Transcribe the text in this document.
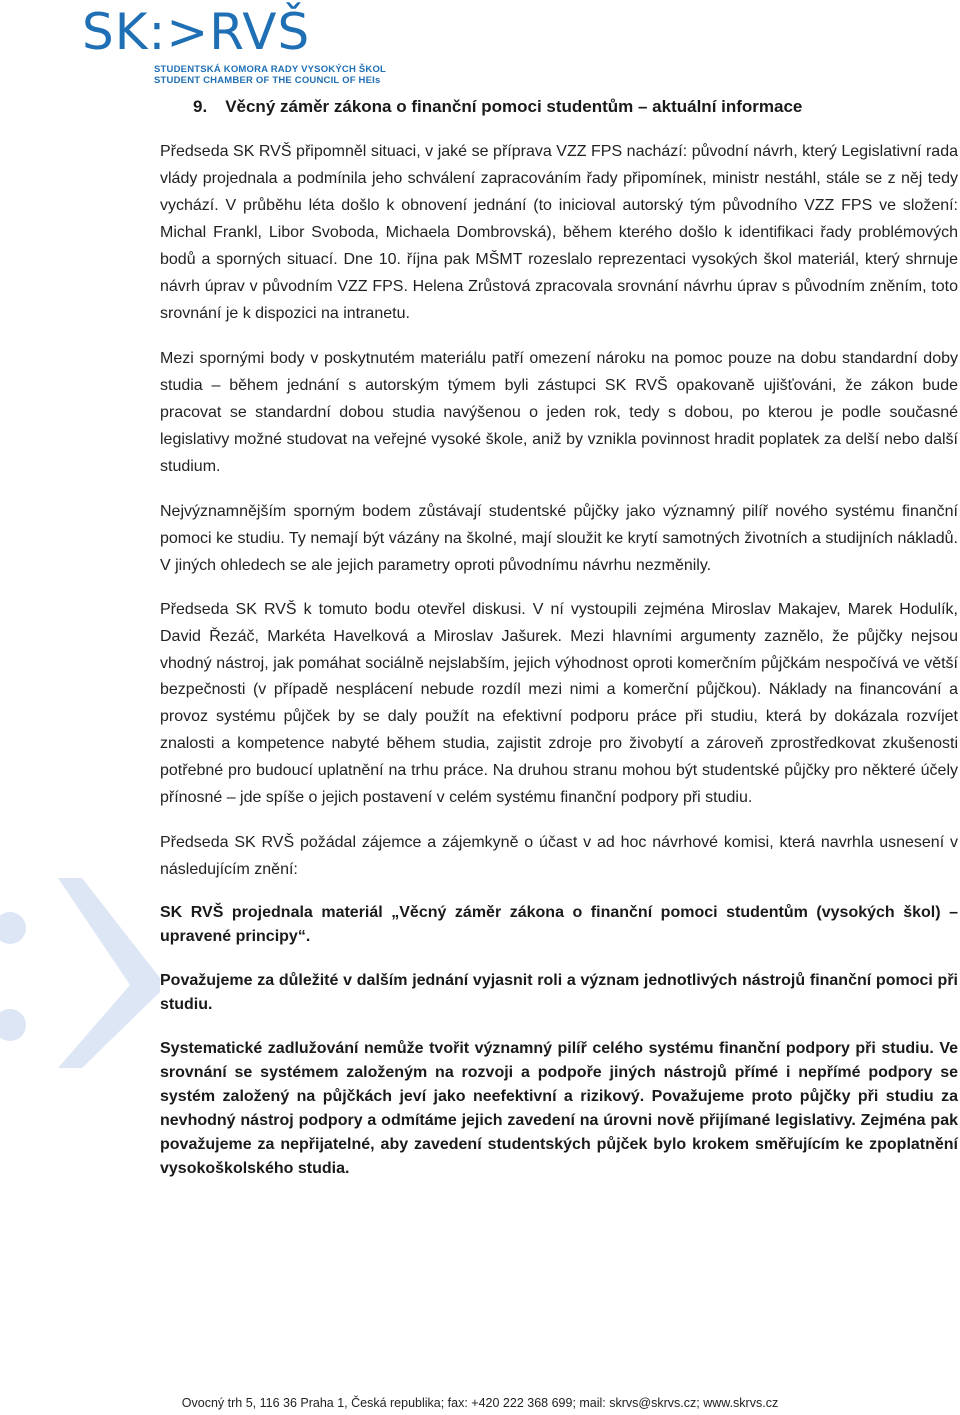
SK:>RVŠ
STUDENTSKÁ KOMORA RADY VYSOKÝCH ŠKOL
STUDENT CHAMBER OF THE COUNCIL OF HEIs
9. Věcný záměr zákona o finanční pomoci studentům – aktuální informace

Předseda SK RVŠ připomněl situaci, v jaké se příprava VZZ FPS nachází: původní návrh, který Legislativní rada vlády projednala a podmínila jeho schválení zapracováním řady připomínek, ministr nestáhl, stále se z něj tedy vychází. V průběhu léta došlo k obnovení jednání (to inicioval autorský tým původního VZZ FPS ve složení: Michal Frankl, Libor Svoboda, Michaela Dombrovská), během kterého došlo k identifikaci řady problémových bodů a sporných situací. Dne 10. října pak MŠMT rozeslalo reprezentaci vysokých škol materiál, který shrnuje návrh úprav v původním VZZ FPS. Helena Zrůstová zpracovala srovnání návrhu úprav s původním zněním, toto srovnání je k dispozici na intranetu.

Mezi spornými body v poskytnutém materiálu patří omezení nároku na pomoc pouze na dobu standardní doby studia – během jednání s autorským týmem byli zástupci SK RVŠ opakovaně ujišťováni, že zákon bude pracovat se standardní dobou studia navýšenou o jeden rok, tedy s dobou, po kterou je podle současné legislativy možné studovat na veřejné vysoké škole, aniž by vznikla povinnost hradit poplatek za delší nebo další studium.

Nejvýznamnějším sporným bodem zůstávají studentské půjčky jako významný pilíř nového systému finanční pomoci ke studiu. Ty nemají být vázány na školné, mají sloužit ke krytí samotných životních a studijních nákladů. V jiných ohledech se ale jejich parametry oproti původnímu návrhu nezměnily.

Předseda SK RVŠ k tomuto bodu otevřel diskusi. V ní vystoupili zejména Miroslav Makajev, Marek Hodulík, David Řezáč, Markéta Havelková a Miroslav Jašurek. Mezi hlavními argumenty zaznělo, že půjčky nejsou vhodný nástroj, jak pomáhat sociálně nejslabším, jejich výhodnost oproti komerčním půjčkám nespočívá ve větší bezpečnosti (v případě nesplácení nebude rozdíl mezi nimi a komerční půjčkou). Náklady na financování a provoz systému půjček by se daly použít na efektivní podporu práce při studiu, která by dokázala rozvíjet znalosti a kompetence nabyté během studia, zajistit zdroje pro živobytí a zároveň zprostředkovat zkušenosti potřebné pro budoucí uplatnění na trhu práce. Na druhou stranu mohou být studentské půjčky pro některé účely přínosné – jde spíše o jejich postavení v celém systému finanční podpory při studiu.

Předseda SK RVŠ požádal zájemce a zájemkyně o účast v ad hoc návrhové komisi, která navrhla usnesení v následujícím znění:

SK RVŠ projednala materiál „Věcný záměr zákona o finanční pomoci studentům (vysokých škol) – upravené principy“.

Považujeme za důležité v dalším jednání vyjasnit roli a význam jednotlivých nástrojů finanční pomoci při studiu.

Systematické zadlužování nemůže tvořit významný pilíř celého systému finanční podpory při studiu. Ve srovnání se systémem založeným na rozvoji a podpoře jiných nástrojů přímé i nepřímé podpory se systém založený na půjčkách jeví jako neefektivní a rizikový. Považujeme proto půjčky při studiu za nevhodný nástroj podpory a odmítáme jejich zavedení na úrovni nově přijímané legislativy. Zejména pak považujeme za nepřijatelné, aby zavedení studentských půjček bylo krokem směřujícím ke zpoplatnění vysokoškolského studia.

Ovocný trh 5, 116 36 Praha 1, Česká republika; fax: +420 222 368 699; mail: skrvs@skrvs.cz; www.skrvs.cz
